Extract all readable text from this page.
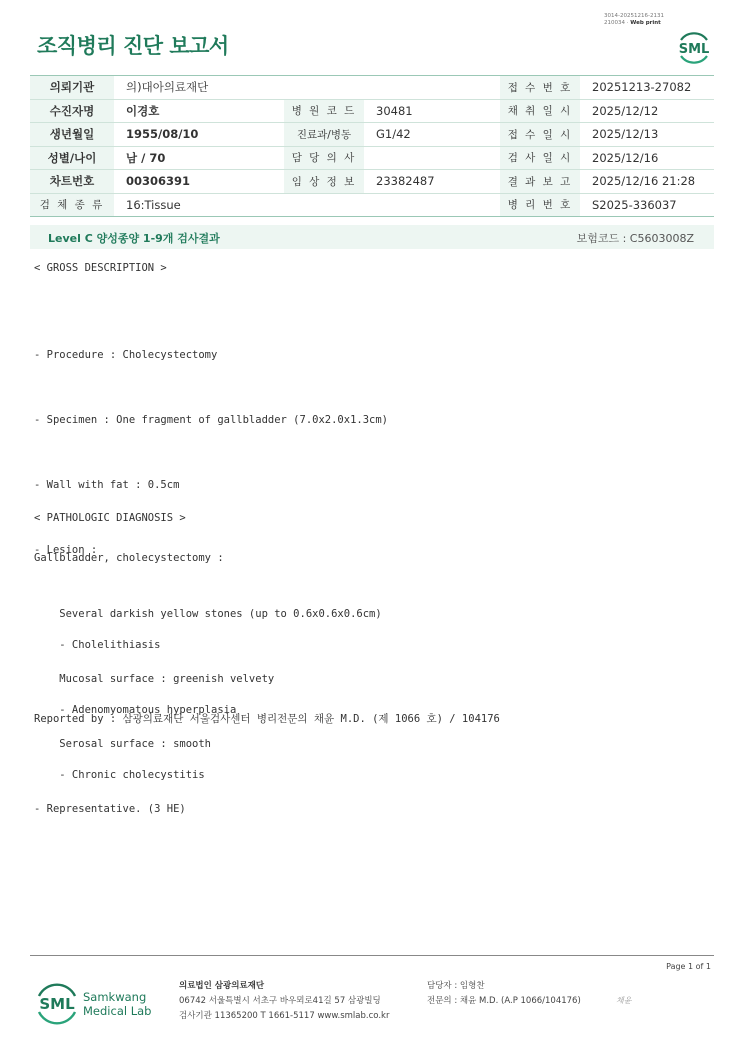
조직병리 진단 보고서
3014-20251216-2131
210034 · Web print
SML
의뢰기관	의)대아의료재단			접 수 번 호	20251213-27082
수진자명	이경호	병 원 코 드	30481	채 취 일 시	2025/12/12
생년월일	1955/08/10	진료과/병동	G1/42	접 수 일 시	2025/12/13
성별/나이	남 / 70	담 당 의 사		검 사 일 시	2025/12/16
차트번호	00306391	임 상 정 보	23382487	결 과 보 고	2025/12/16 21:28
검 체 종 류	16:Tissue			병 리 번 호	S2025-336037
Level C 양성종양 1-9개 검사결과	보험코드 : C5603008Z
< GROSS DESCRIPTION >

- Procedure : Cholecystectomy

- Specimen : One fragment of gallbladder (7.0x2.0x1.3cm)

- Wall with fat : 0.5cm

- Lesion :

Several darkish yellow stones (up to 0.6x0.6x0.6cm)

Mucosal surface : greenish velvety

Serosal surface : smooth

- Representative. (3 HE)

< PATHOLOGIC DIAGNOSIS >
Gallbladder, cholecystectomy :

- Cholelithiasis

- Adenomyomatous hyperplasia

- Chronic cholecystitis

Reported by : 삼광의료재단 서울검사센터 병리전문의 채윤 M.D. (제 1066 호) / 104176
Page 1 of 1
SML Samkwang
Medical Lab
의료법인 삼광의료재단
06742 서울특별시 서초구 바우뫼로41길 57 삼광빌딩
검사기관 11365200 T 1661-5117 www.smlab.co.kr
담당자 : 임형찬
전문의 : 채윤 M.D. (A.P 1066/104176)	채윤
